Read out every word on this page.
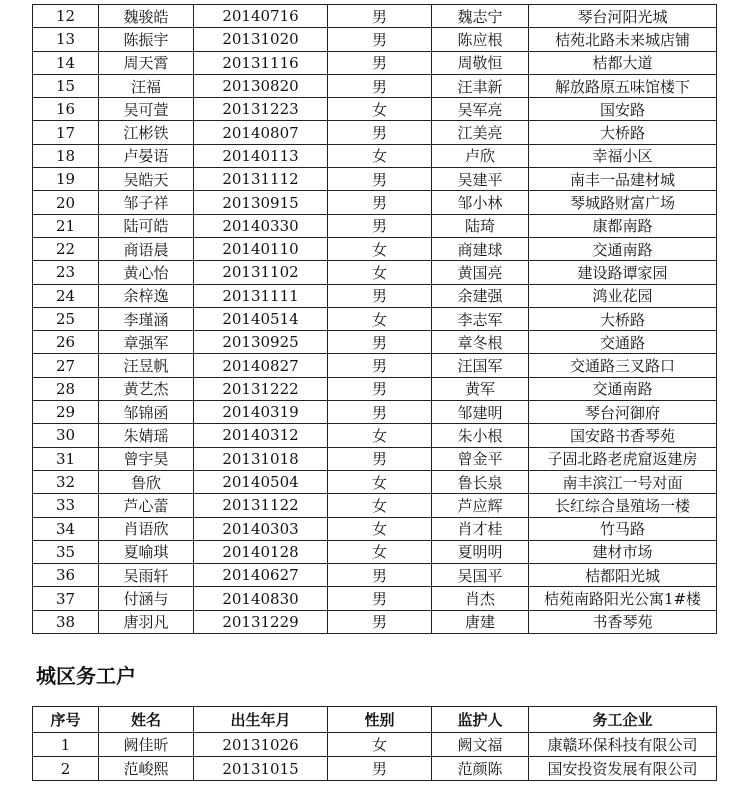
12	魏骏皓	20140716	男	魏志宁	琴台河阳光城
13	陈振宇	20131020	男	陈应根	桔苑北路未来城店铺
14	周天霄	20131116	男	周敬恒	桔都大道
15	汪福	20130820	男	汪聿新	解放路原五味馆楼下
16	吴可萱	20131223	女	吴军亮	国安路
17	江彬铁	20140807	男	江美亮	大桥路
18	卢晏语	20140113	女	卢欣	幸福小区
19	吴皓天	20131112	男	吴建平	南丰一品建材城
20	邹子祥	20130915	男	邹小林	琴城路财富广场
21	陆可皓	20140330	男	陆琦	康都南路
22	商语晨	20140110	女	商建球	交通南路
23	黄心怡	20131102	女	黄国亮	建设路谭家园
24	余梓逸	20131111	男	余建强	鸿业花园
25	李瑾涵	20140514	女	李志军	大桥路
26	章强军	20130925	男	章冬根	交通路
27	汪昱帆	20140827	男	汪国军	交通路三叉路口
28	黄艺杰	20131222	男	黄军	交通南路
29	邹锦函	20140319	男	邹建明	琴台河御府
30	朱婧瑶	20140312	女	朱小根	国安路书香琴苑
31	曾宇昊	20131018	男	曾金平	子固北路老虎窟返建房
32	鲁欣	20140504	女	鲁长泉	南丰滨江一号对面
33	芦心蕾	20131122	女	芦应辉	长红综合垦殖场一楼
34	肖语欣	20140303	女	肖才桂	竹马路
35	夏喻琪	20140128	女	夏明明	建材市场
36	吴雨轩	20140627	男	吴国平	桔都阳光城
37	付涵与	20140830	男	肖杰	桔苑南路阳光公寓1#楼
38	唐羽凡	20131229	男	唐建	书香琴苑
城区务工户
序号	姓名	出生年月	性别	监护人	务工企业
1	阙佳昕	20131026	女	阙文福	康赣环保科技有限公司
2	范峻熙	20131015	男	范颜陈	国安投资发展有限公司
